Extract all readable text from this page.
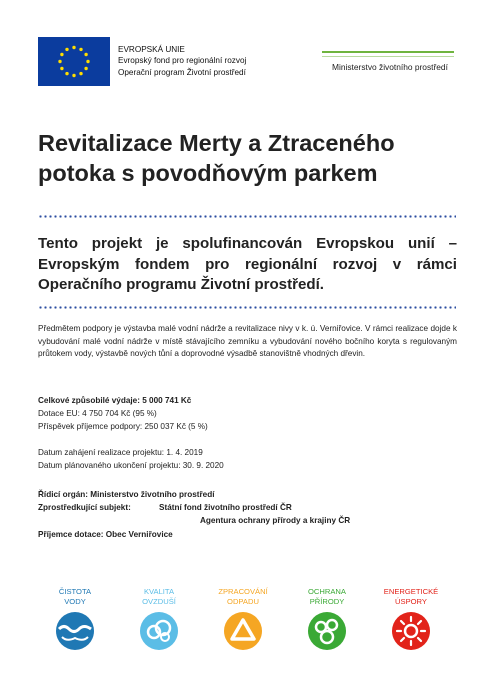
EVROPSKÁ UNIE
Evropský fond pro regionální rozvoj
Operační program Životní prostředí
Ministerstvo životního prostředí
Revitalizace Merty a Ztraceného
potoka s povodňovým parkem
Tento projekt je spolufinancován Evropskou unií – Evropským fondem pro regionální rozvoj v rámci Operačního programu Životní prostředí.
Předmětem podpory je výstavba malé vodní nádrže a revitalizace nivy v k. ú. Verniřovice. V rámci realizace dojde k vybudování malé vodní nádrže v místě stávajícího zemníku a vybudování nového bočního koryta s regulovaným průtokem vody, výstavbě nových tůní a doprovodné výsadbě stanovištně vhodných dřevin.
Celkové způsobilé výdaje: 5 000 741 Kč
Dotace EU: 4 750 704 Kč (95 %)
Příspěvek příjemce podpory: 250 037 Kč (5 %)
Datum zahájení realizace projektu: 1. 4. 2019
Datum plánovaného ukončení projektu: 30. 9. 2020
Řídicí orgán: Ministerstvo životního prostředí
Zprostředkující subjekt:	Státní fond životního prostředí ČR
Agentura ochrany přírody a krajiny ČR
Příjemce dotace: Obec Verniřovice
ČISTOTA
VODY
KVALITA
OVZDUŠÍ
ZPRACOVÁNÍ
ODPADU
OCHRANA
PŘÍRODY
ENERGETICKÉ
ÚSPORY
